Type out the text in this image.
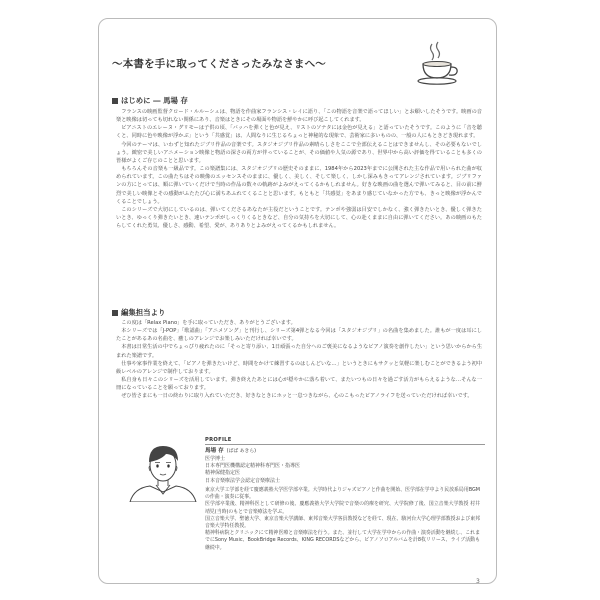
〜本書を手に取ってくださったみなさまへ〜
はじめに ― 馬場 存

フランスの映画監督クロード・ルルーシュは、物語を作曲家フランシス・レイに語り、「この物語を音楽で語ってほしい」とお願いしたそうです。映画の音楽と映像は切っても切れない関係にあり、音楽はときにその場面や物語を鮮やかに呼び起こしてくれます。

ピアニストのエレーヌ・グリモーは子供の頃、「バッハを弾くと色が見え、リストのソナタには金色が見える」と語っていたそうです。このように「音を聴くと、同時に色や映像が浮かぶ」という「共感覚」は、人間なりに生じるちょっと神秘的な現象で、芸術家に多いものの、一般の人にもときどき現れます。

今回のテーマは、いわずと知れたジブリ作品の音楽です。スタジオジブリ作品の素晴らしさをここで全部伝えることはできませんし、その必要もないでしょう。緻密で美しいアニメーション映像と物語の深さの両方が伴っていることが、その価値や人気の源であり、世界中から高い評価を得ていることも多くの皆様がよくご存じのことと思います。

もちろんその音楽も一級品です。この楽譜集には、スタジオジブリの歴史そのままに、1984年から2023年までに公開された主な作品で用いられた曲が収められています。この曲たちはその映像のエッセンスそのままに、優しく、美しく、そして楽しく、しかし深みもきってアレンジされています。ジブリファンの方にとっては、順に弾いていくだけで当時の作品の数々の軌跡がよみがえってくるかもしれません。好きな映画の曲を選んで弾いてみると、目の前に鮮烈で美しい映像とその感動がふたたび心に満ちあふれてくることと思います。もともと「共感覚」をあまり感じていなかった方でも、きっと映像が浮かんでくることでしょう。

このシリーズで大切にしているのは、弾いてくださるあなたが主役だということです。テンポや強弱は目安でしかなく、強く弾きたいとき、優しく弾きたいとき、ゆっくり弾きたいとき、速いテンポがしっくりくるときなど、自分の気持ちを大切にして、心の赴くままに自由に弾いてください。あの映画のもたらしてくれた勇気、優しさ、感動、希望、愛が、ありありとよみがえってくるかもしれません。

編集担当より

この度は「Relax Piano」を手に取っていただき、ありがとうございます。

本シリーズでは「J-POP」「歌謡曲」「アニメソング」と刊行し、シリーズ第4弾となる今回は「スタジオジブリ」の名曲を集めました。誰もが一度は耳にしたことがあるあの名曲を、癒しのアレンジでお楽しみいただければ幸いです。

本書は日常生活の中でちょっぴり疲れたのに「そっと寄り添い、1日頑張った自分へのご褒美になるようなピアノ演奏を創作したい」という思いからから生まれた楽譜です。

仕事や家事作業を終えて、「ピアノを弾きたいけど、時間をかけて練習するのはしんどいな…」というときにもサクッと気軽に楽しむことができるよう初中級レベルのアレンジで制作しております。

私自身も日々このシリーズを活用しています。弾き終えたあとには心が穏やかに落ち着いて、またいつもの日々を過ごす活力がもらえるような…そんな一冊になっていることを願っております。

ぜひ皆さまにも一日の終わりに取り入れていただき、好きなときにホッと一息つきながら、心のこもったピアノライフを送っていただければ幸いです。

PROFILE
馬場 存 (ばば あきら)
医学博士
日本専門医機構認定精神科専門医・指導医
精神保健指定医
日本音楽療法学会認定音楽療法士
東京大学工学部を経て慶應義塾大学医学部卒業。大学時代よりジャズピアノと作曲を開始、医学部在学中より民放系局用BGMの作曲・演奏に従事。
医学部卒業後、精神科医として研修の後、慶應義塾大学大学院で音楽の的療を研究、大学院修了後、国立音楽大学教授 村井靖児(当時)のもとで音楽療法を学ぶ。
国立音楽大学、聖徳大学、東京音楽大学講師、東邦音楽大学客員教授などを経て、現在、駿河台大学心理学部教授および東邦音楽大学特任教授。
精神科病院とクリニックにて精神医療と音楽療法を行う。また、並行して大学在学中からの作曲・演奏活動を継続し、これまでにSony Music、BookBridge Records、KING RECORDSなどから、ピアノソロアルバムを計8枚リリース、ライブ活動も継続中。
3
